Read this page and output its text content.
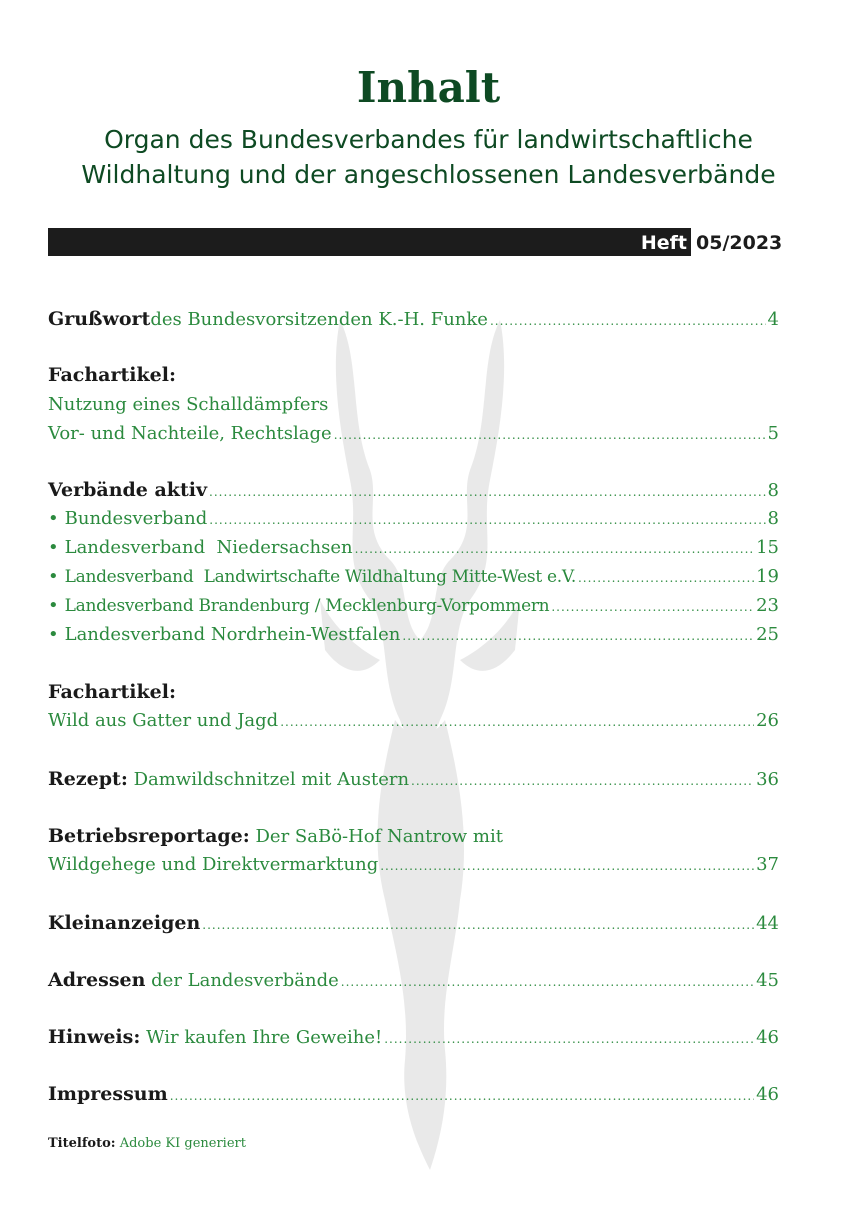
Inhalt
Organ des Bundesverbandes für landwirtschaftliche
Wildhaltung und der angeschlossenen Landesverbände
Heft 05/2023
Grußwort des Bundesvorsitzenden K.-H. Funke .....	4
Fachartikel :
Nutzung eines Schalldämpfers
Vor- und Nachteile, Rechtslage .....	5
Verbände aktiv .....	8
• Bundesverband .....	8
• Landesverband  Niedersachsen .....	15
• Landesverband  Landwirtschafte Wildhaltung Mitte-West e.V. .....	19
• Landesverband Brandenburg / Mecklenburg-Vorpommern .....	23
• Landesverband Nordrhein-Westfalen .....	25
Fachartikel :
Wild aus Gatter und Jagd .....	26
Rezept: Damwildschnitzel mit Austern .....	36
Betriebsreportage: Der SaBö-Hof Nantrow mit
Wildgehege und Direktvermarktung .....	37
Kleinanzeigen .....	44
Adressen der Landesverbände .....	45
Hinweis: Wir kaufen Ihre Geweihe! .....	46
Impressum .....	46
Titelfoto: Adobe KI generiert
